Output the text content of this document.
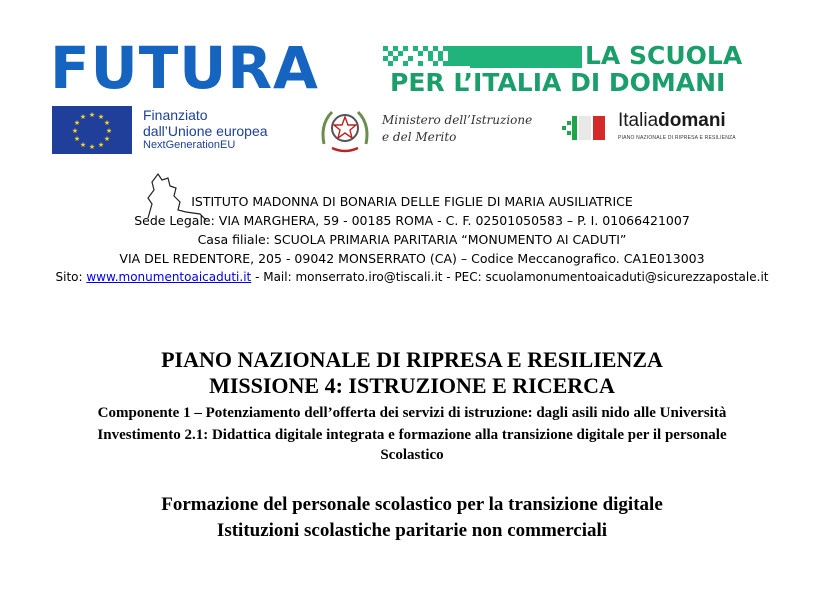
FUTURA	LA SCUOLA
PER L’ITALIA DI DOMANI
★ ★
★
★
★
★
★
★
★
★
★
★	Finanziato
dall’Unione europea
NextGenerationEU
Ministero dell’Istruzione
e del Merito
Italiadomani
PIANO NAZIONALE DI RIPRESA E RESILIENZA
ISTITUTO MADONNA DI BONARIA DELLE FIGLIE DI MARIA AUSILIATRICE
Sede Legale: VIA MARGHERA, 59 - 00185 ROMA - C. F. 02501050583 – P. I. 01066421007
Casa filiale: SCUOLA PRIMARIA PARITARIA “MONUMENTO AI CADUTI”
VIA DEL REDENTORE, 205 - 09042 MONSERRATO (CA) – Codice Meccanografico. CA1E013003
Sito: www.monumentoaicaduti.it - Mail: monserrato.iro@tiscali.it - PEC: scuolamonumentoaicaduti@sicurezzapostale.it
PIANO NAZIONALE DI RIPRESA E RESILIENZA
MISSIONE 4: ISTRUZIONE E RICERCA
Componente 1 – Potenziamento dell’offerta dei servizi di istruzione: dagli asili nido alle Università
Investimento 2.1: Didattica digitale integrata e formazione alla transizione digitale per il personale
Scolastico
Formazione del personale scolastico per la transizione digitale
Istituzioni scolastiche paritarie non commerciali
